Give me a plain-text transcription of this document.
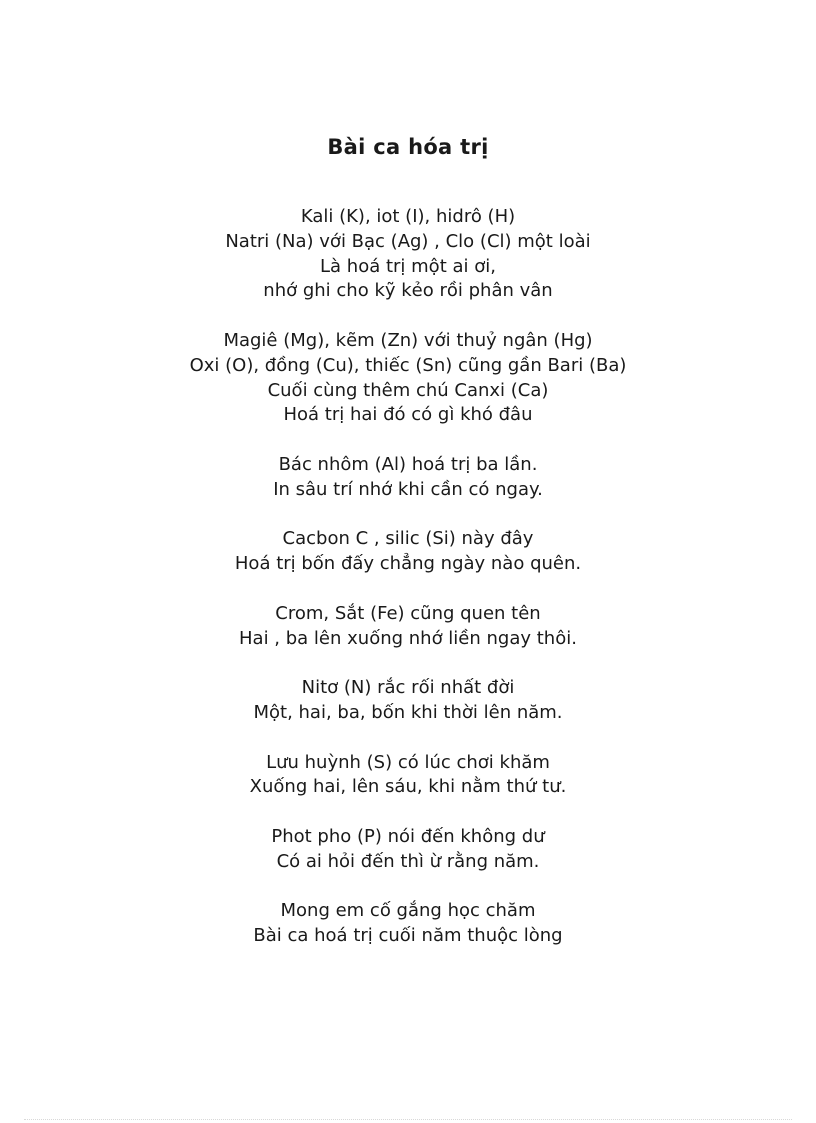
Bài ca hóa trị
Kali (K), iot (I), hidrô (H)
Natri (Na) với Bạc (Ag) , Clo (Cl) một loài
Là hoá trị một ai ơi,
nhớ ghi cho kỹ kẻo rồi phân vân
Magiê (Mg), kẽm (Zn) với thuỷ ngân (Hg)
Oxi (O), đồng (Cu), thiếc (Sn) cũng gần Bari (Ba)
Cuối cùng thêm chú Canxi (Ca)
Hoá trị hai đó có gì khó đâu
Bác nhôm (Al) hoá trị ba lần.
In sâu trí nhớ khi cần có ngay.
Cacbon C , silic (Si) này đây
Hoá trị bốn đấy chẳng ngày nào quên.
Crom, Sắt (Fe) cũng quen tên
Hai , ba lên xuống nhớ liền ngay thôi.
Nitơ (N) rắc rối nhất đời
Một, hai, ba, bốn khi thời lên năm.
Lưu huỳnh (S) có lúc chơi khăm
Xuống hai, lên sáu, khi nằm thứ tư.
Phot pho (P) nói đến không dư
Có ai hỏi đến thì ừ rằng năm.
Mong em cố gắng học chăm
Bài ca hoá trị cuối năm thuộc lòng
